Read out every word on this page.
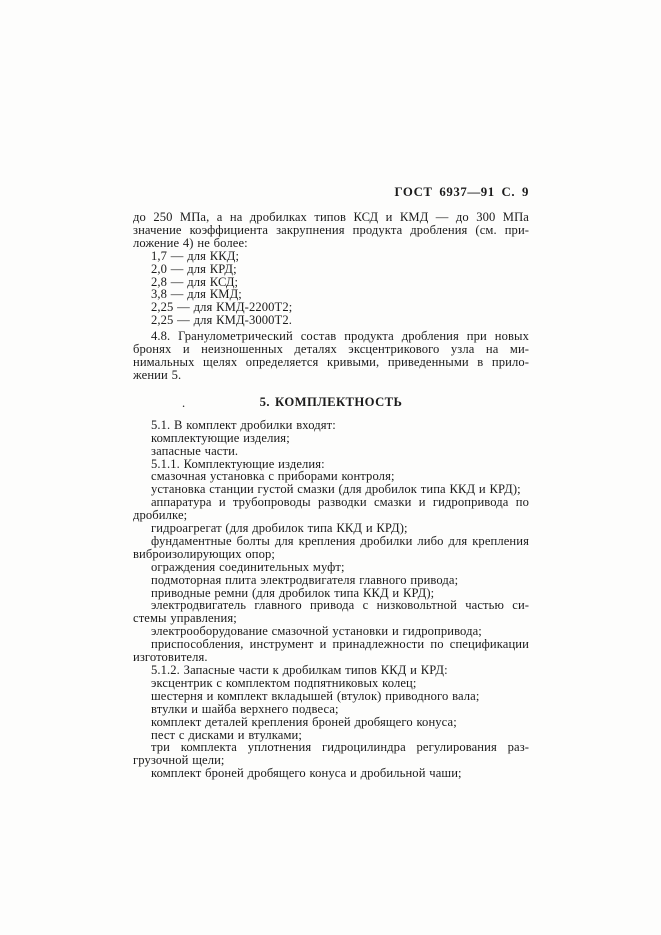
ГОСТ 6937—91 С. 9

до 250 МПа, а на дробилках типов КСД и КМД — до 300 МПа значение коэффициента закрупнения продукта дробления (см. приложение 4) не более:

1,7 — для ККД;

2,0 — для КРД;

2,8 — для КСД;

3,8 — для КМД;

2,25 — для КМД-2200Т2;

2,25 — для КМД-3000Т2.

4.8. Гранулометрический состав продукта дробления при новых бронях и неизношенных деталях эксцентрикового узла на минимальных щелях определяется кривыми, приведенными в приложении 5.

.	5. КОМПЛЕКТНОСТЬ

5.1. В комплект дробилки входят:

комплектующие изделия;

запасные части.

5.1.1. Комплектующие изделия:

смазочная установка с приборами контроля;

установка станции густой смазки (для дробилок типа ККД и КРД);

аппаратура и трубопроводы разводки смазки и гидропривода по дробилке;

гидроагрегат (для дробилок типа ККД и КРД);

фундаментные болты для крепления дробилки либо для крепления виброизолирующих опор;

ограждения соединительных муфт;

подмоторная плита электродвигателя главного привода;

приводные ремни (для дробилок типа ККД и КРД);

электродвигатель главного привода с низковольтной частью системы управления;

электрооборудование смазочной установки и гидропривода;

приспособления, инструмент и принадлежности по спецификации изготовителя.

5.1.2. Запасные части к дробилкам типов ККД и КРД:

эксцентрик с комплектом подпятниковых колец;

шестерня и комплект вкладышей (втулок) приводного вала;

втулки и шайба верхнего подвеса;

комплект деталей крепления броней дробящего конуса;

пест с дисками и втулками;

три комплекта уплотнения гидроцилиндра регулирования разгрузочной щели;

комплект броней дробящего конуса и дробильной чаши;
